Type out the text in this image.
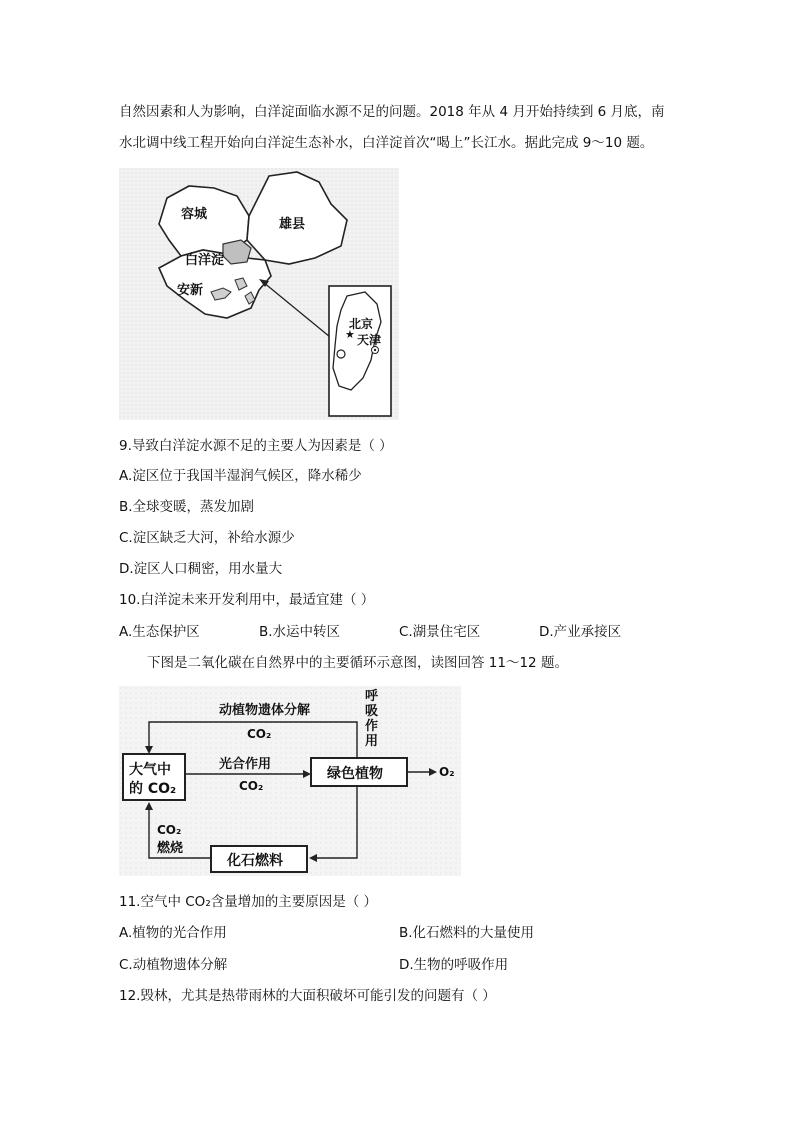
自然因素和人为影响，白洋淀面临水源不足的问题。2018 年从 4 月开始持续到 6 月底，南
水北调中线工程开始向白洋淀生态补水，白洋淀首次“喝上”长江水。据此完成 9～10 题。
★
容城
雄县
白洋淀
安新
北京
天津
9.导致白洋淀水源不足的主要人为因素是（ ）
A.淀区位于我国半湿润气候区，降水稀少
B.全球变暖，蒸发加剧
C.淀区缺乏大河，补给水源少
D.淀区人口稠密，用水量大
10.白洋淀未来开发利用中，最适宜建（ ）
A.生态保护区	B.水运中转区	C.湖景住宅区	D.产业承接区
下图是二氧化碳在自然界中的主要循环示意图，读图回答 11～12 题。
大气中
的 CO₂
绿色植物
化石燃料
动植物遗体分解
CO₂
呼
吸
作
用
光合作用
CO₂
O₂
CO₂
燃烧
11.空气中 CO₂含量增加的主要原因是（ ）
A.植物的光合作用	B.化石燃料的大量使用
C.动植物遗体分解	D.生物的呼吸作用
12.毁林，尤其是热带雨林的大面积破坏可能引发的问题有（ ）
